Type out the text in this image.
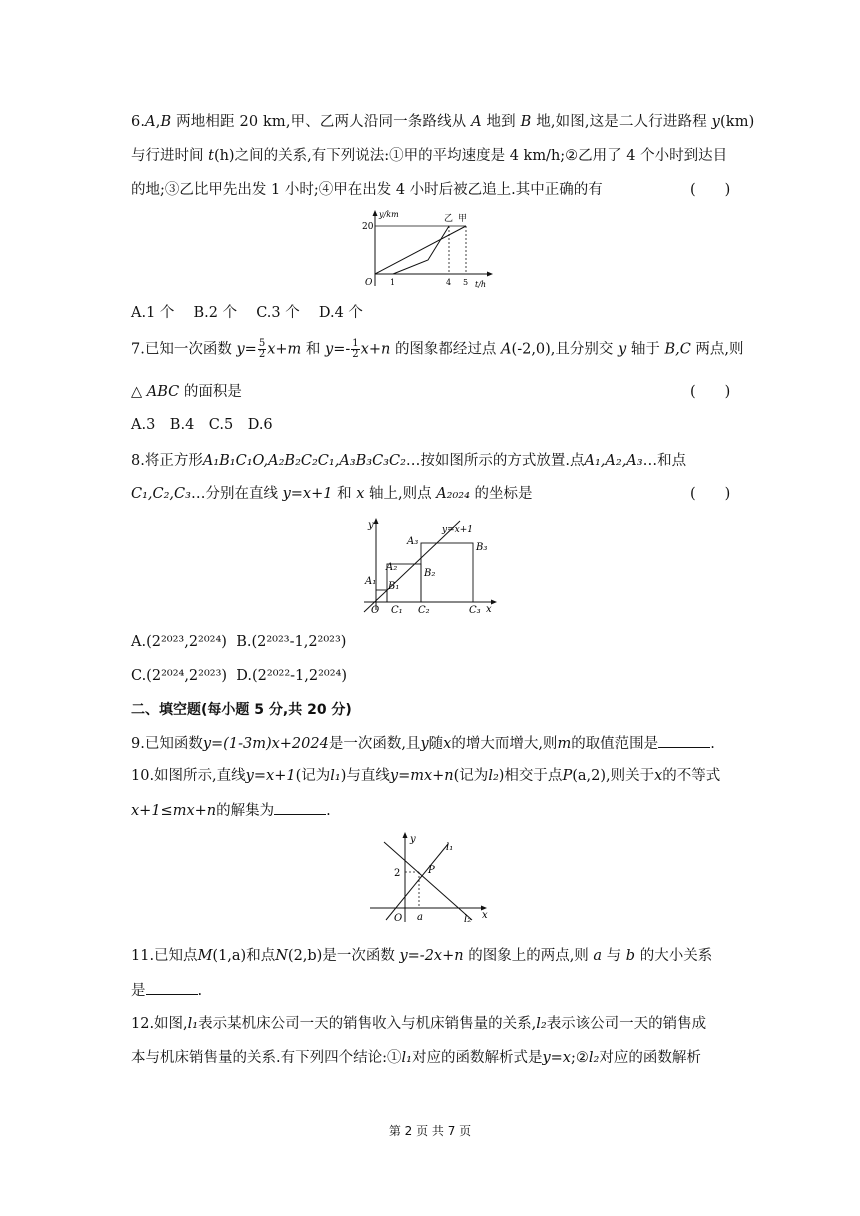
6.A,B 两地相距 20 km,甲、乙两人沿同一条路线从 A 地到 B 地,如图,这是二人行进路程 y(km)
与行进时间 t(h)之间的关系,有下列说法:①甲的平均速度是 4 km/h;②乙用了 4 个小时到达目
的地;③乙比甲先出发 1 小时;④甲在出发 4 小时后被乙追上.其中正确的有	(　　)
y/km
20
乙 甲
O 1	4 5 t/h
A.1 个　 B.2 个　 C.3 个　 D.4 个
7.已知一次函数 $y= \frac{5}{2} x+m$ 和 $y=- \frac{1}{2} x+n$ 的图象都经过点 A(-2,0),且分别交 y 轴于 B,C 两点,则
△ ABC 的面积是	(　　)
A.3　B.4　C.5　D.6
8.将正方形A₁B₁C₁O,A₂B₂C₂C₁,A₃B₃C₃C₂…按如图所示的方式放置.点A₁,A₂,A₃…和点
C₁,C₂,C₃…分别在直线 y=x+1 和 x 轴上,则点 A₂₀₂₄ 的坐标是	(　　)
y	y=x+1
A₃
B₃
A₂
B₂
A₁ B₁
O C₁ C₂	C₃ x
A.(2²⁰²³,2²⁰²⁴) B.(2²⁰²³-1,2²⁰²³)
C.(2²⁰²⁴,2²⁰²³) D.(2²⁰²²-1,2²⁰²⁴)
二、填空题(每小题 5 分,共 20 分)
9.已知函数y=(1-3m)x+2024是一次函数,且y随x的增大而增大,则m的取值范围是	.
10.如图所示,直线y=x+1(记为l₁)与直线y=mx+n(记为l₂)相交于点P(a,2),则关于x的不等式
x+1≤mx+n的解集为	.
y
l₁
2	P
O a	l₂ x
11.已知点M(1,a)和点N(2,b)是一次函数 y=-2x+n 的图象上的两点,则 a 与 b 的大小关系
是	.
12.如图,l₁表示某机床公司一天的销售收入与机床销售量的关系,l₂表示该公司一天的销售成
本与机床销售量的关系.有下列四个结论:①l₁对应的函数解析式是y=x;②l₂对应的函数解析
第 2 页 共 7 页
